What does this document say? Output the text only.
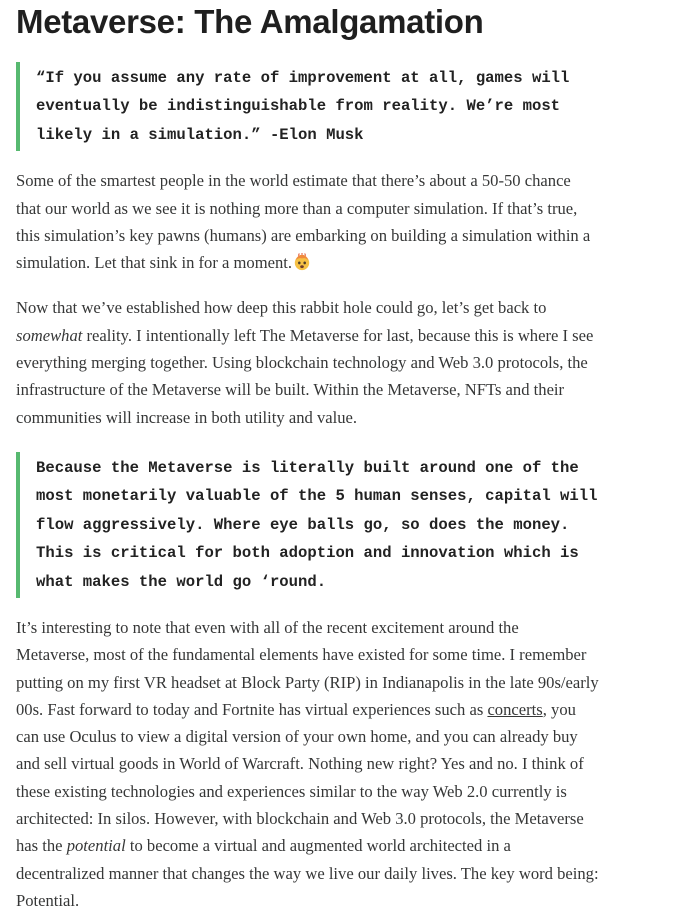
Metaverse: The Amalgamation
“If you assume any rate of improvement at all, games will
eventually be indistinguishable from reality. We’re most
likely in a simulation.” -Elon Musk

Some of the smartest people in the world estimate that there’s about a 50-50 chance
that our world as we see it is nothing more than a computer simulation. If that’s true,
this simulation’s key pawns (humans) are embarking on building a simulation within a
simulation. Let that sink in for a moment.

Now that we’ve established how deep this rabbit hole could go, let’s get back to
somewhat reality. I intentionally left The Metaverse for last, because this is where I see
everything merging together. Using blockchain technology and Web 3.0 protocols, the
infrastructure of the Metaverse will be built. Within the Metaverse, NFTs and their
communities will increase in both utility and value.

Because the Metaverse is literally built around one of the
most monetarily valuable of the 5 human senses, capital will
flow aggressively. Where eye balls go, so does the money.
This is critical for both adoption and innovation which is
what makes the world go ‘round.

It’s interesting to note that even with all of the recent excitement around the
Metaverse, most of the fundamental elements have existed for some time. I remember
putting on my first VR headset at Block Party (RIP) in Indianapolis in the late 90s/early
00s. Fast forward to today and Fortnite has virtual experiences such as concerts, you
can use Oculus to view a digital version of your own home, and you can already buy
and sell virtual goods in World of Warcraft. Nothing new right? Yes and no. I think of
these existing technologies and experiences similar to the way Web 2.0 currently is
architected: In silos. However, with blockchain and Web 3.0 protocols, the Metaverse
has the potential to become a virtual and augmented world architected in a
decentralized manner that changes the way we live our daily lives. The key word being:
Potential.
